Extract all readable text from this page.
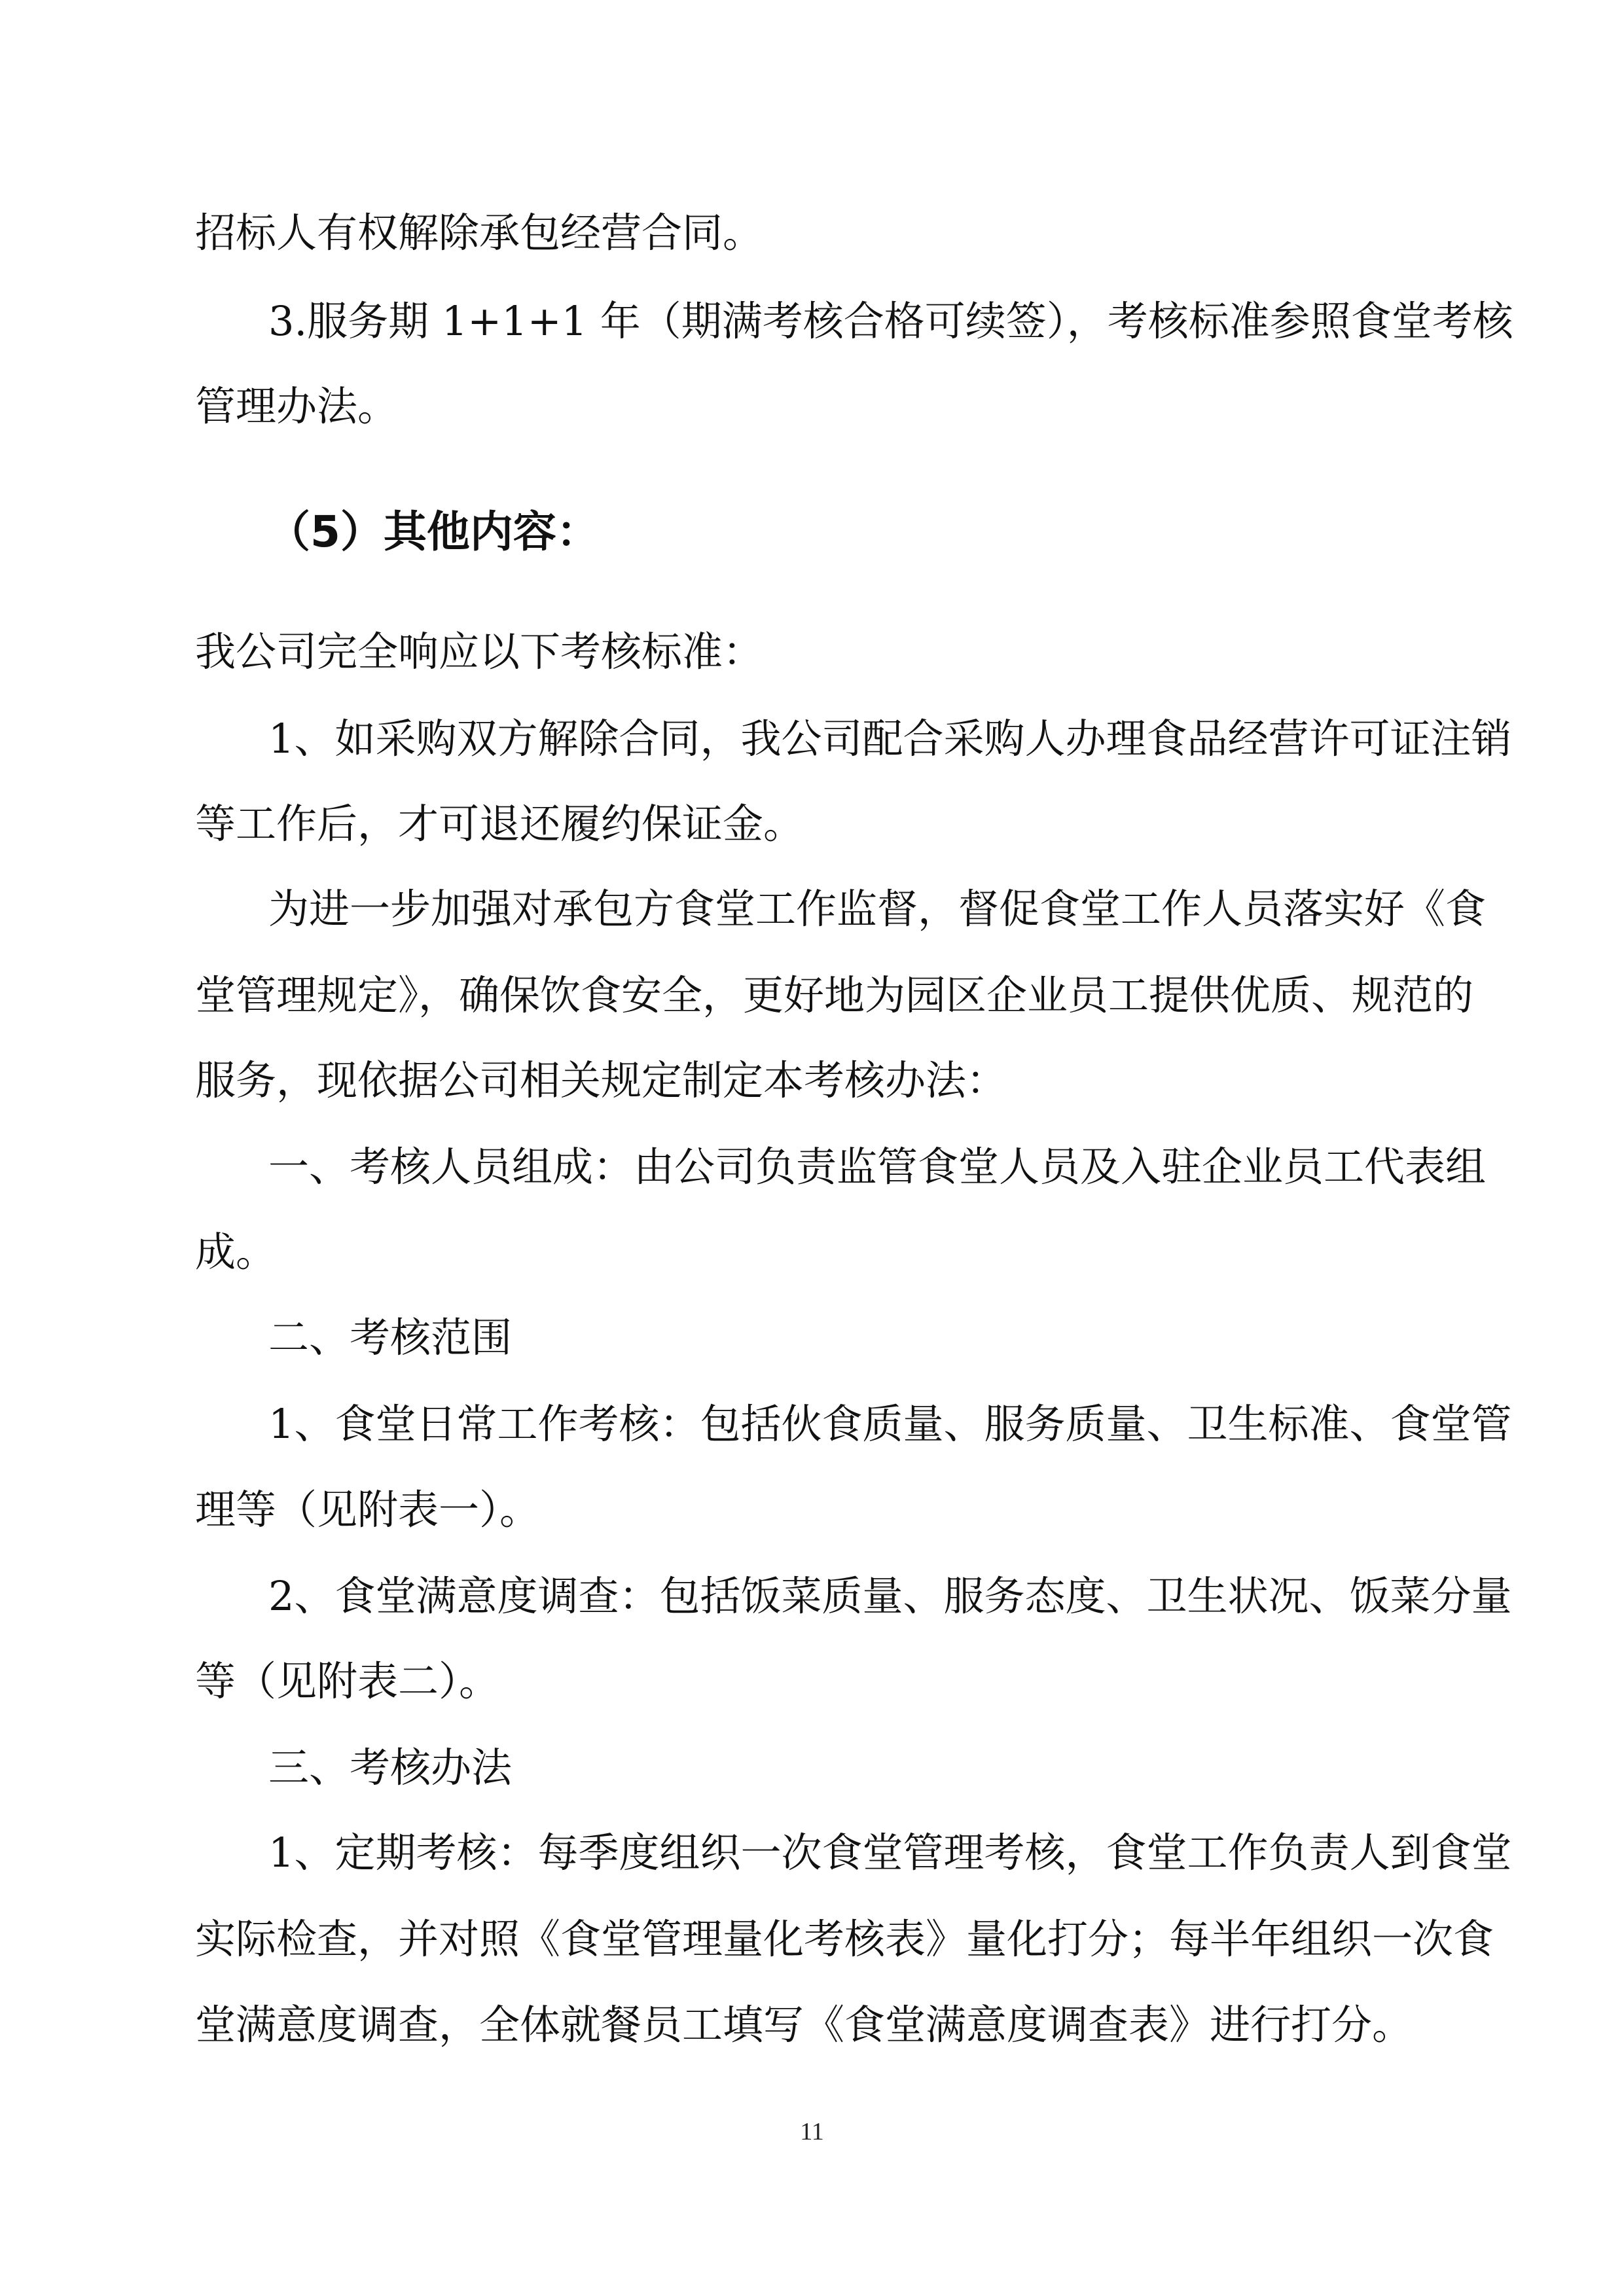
招标人有权解除承包经营合同。
3.服务期 1+1+1 年（期满考核合格可续签），考核标准参照食堂考核
管理办法。
（5）其他内容：
我公司完全响应以下考核标准：
1、如采购双方解除合同，我公司配合采购人办理食品经营许可证注销
等工作后，才可退还履约保证金。
为进一步加强对承包方食堂工作监督，督促食堂工作人员落实好《食
堂管理规定》，确保饮食安全，更好地为园区企业员工提供优质、规范的
服务，现依据公司相关规定制定本考核办法：
一、考核人员组成：由公司负责监管食堂人员及入驻企业员工代表组
成。
二、考核范围
1、食堂日常工作考核：包括伙食质量、服务质量、卫生标准、食堂管
理等（见附表一）。
2、食堂满意度调查：包括饭菜质量、服务态度、卫生状况、饭菜分量
等（见附表二）。
三、考核办法
1、定期考核：每季度组织一次食堂管理考核，食堂工作负责人到食堂
实际检查，并对照《食堂管理量化考核表》量化打分；每半年组织一次食
堂满意度调查，全体就餐员工填写《食堂满意度调查表》进行打分。
11
